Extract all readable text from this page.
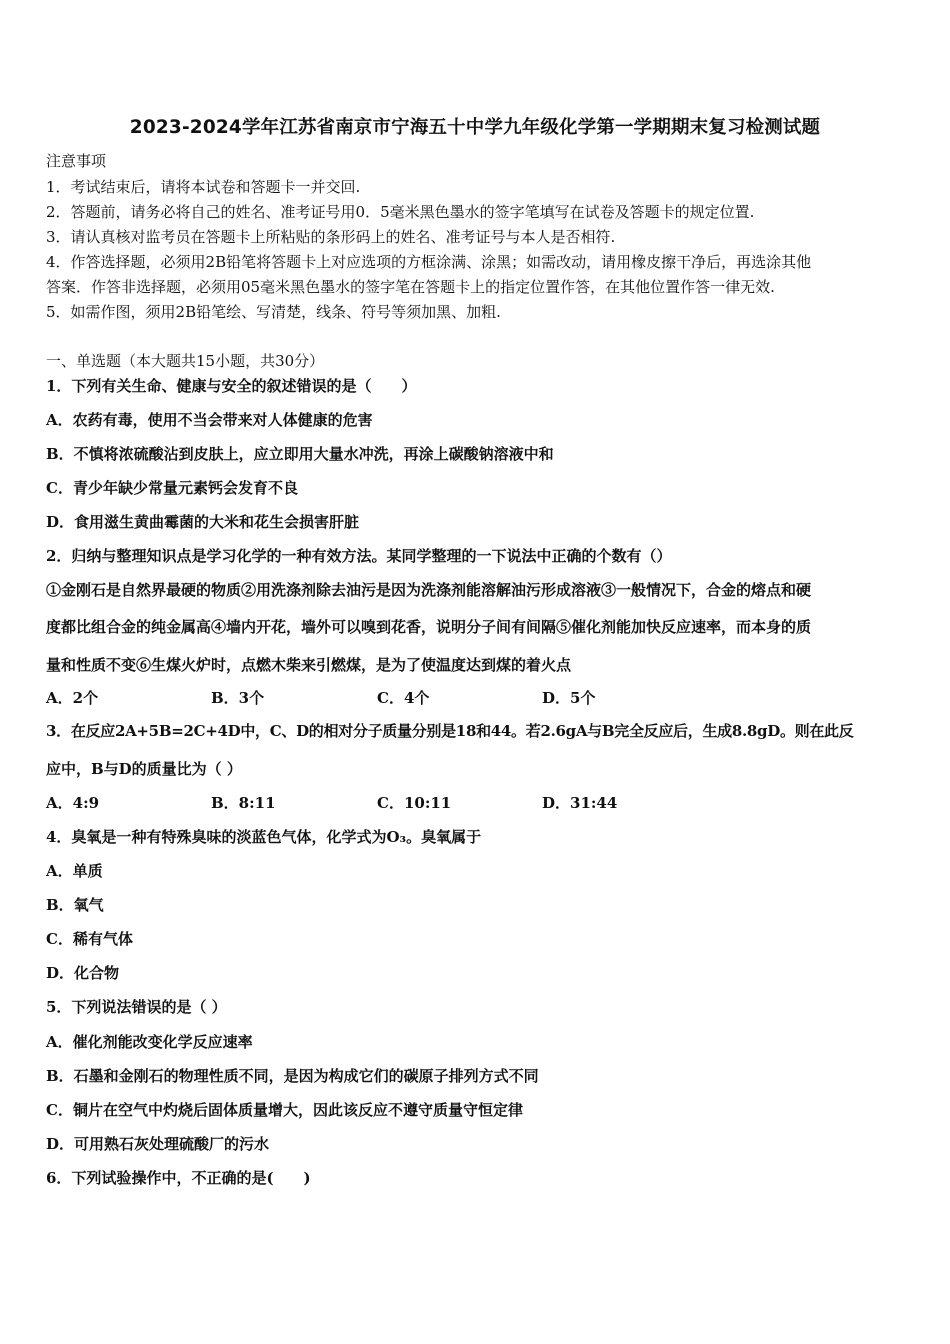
2023-2024学年江苏省南京市宁海五十中学九年级化学第一学期期末复习检测试题
注意事项
1．考试结束后，请将本试卷和答题卡一并交回.
2．答题前，请务必将自己的姓名、准考证号用0．5毫米黑色墨水的签字笔填写在试卷及答题卡的规定位置.
3．请认真核对监考员在答题卡上所粘贴的条形码上的姓名、准考证号与本人是否相符.
4．作答选择题，必须用2B铅笔将答题卡上对应选项的方框涂满、涂黑；如需改动，请用橡皮擦干净后，再选涂其他
答案．作答非选择题，必须用05毫米黑色墨水的签字笔在答题卡上的指定位置作答，在其他位置作答一律无效.
5．如需作图，须用2B铅笔绘、写清楚，线条、符号等须加黑、加粗.
一、单选题（本大题共15小题，共30分）
1．下列有关生命、健康与安全的叙述错误的是（　　）
A．农药有毒，使用不当会带来对人体健康的危害
B．不慎将浓硫酸沾到皮肤上，应立即用大量水冲洗，再涂上碳酸钠溶液中和
C．青少年缺少常量元素钙会发育不良
D．食用滋生黄曲霉菌的大米和花生会损害肝脏
2．归纳与整理知识点是学习化学的一种有效方法。某同学整理的一下说法中正确的个数有（）
①金刚石是自然界最硬的物质②用洗涤剂除去油污是因为洗涤剂能溶解油污形成溶液③一般情况下，合金的熔点和硬
度都比组合金的纯金属高④墙内开花，墙外可以嗅到花香，说明分子间有间隔⑤催化剂能加快反应速率，而本身的质
量和性质不变⑥生煤火炉时，点燃木柴来引燃煤，是为了使温度达到煤的着火点
A．2个	B．3个	C．4个	D．5个
3．在反应2A+5B=2C+4D中，C、D的相对分子质量分别是18和44。若2.6gA与B完全反应后，生成8.8gD。则在此反
应中，B与D的质量比为（ ）
A．4:9	B．8:11	C．10:11	D．31:44
4．臭氧是一种有特殊臭味的淡蓝色气体，化学式为O₃。臭氧属于
A．单质
B．氧气
C．稀有气体
D．化合物
5．下列说法错误的是（ ）
A．催化剂能改变化学反应速率
B．石墨和金刚石的物理性质不同，是因为构成它们的碳原子排列方式不同
C．铜片在空气中灼烧后固体质量增大，因此该反应不遵守质量守恒定律
D．可用熟石灰处理硫酸厂的污水
6．下列试验操作中，不正确的是(　　)
